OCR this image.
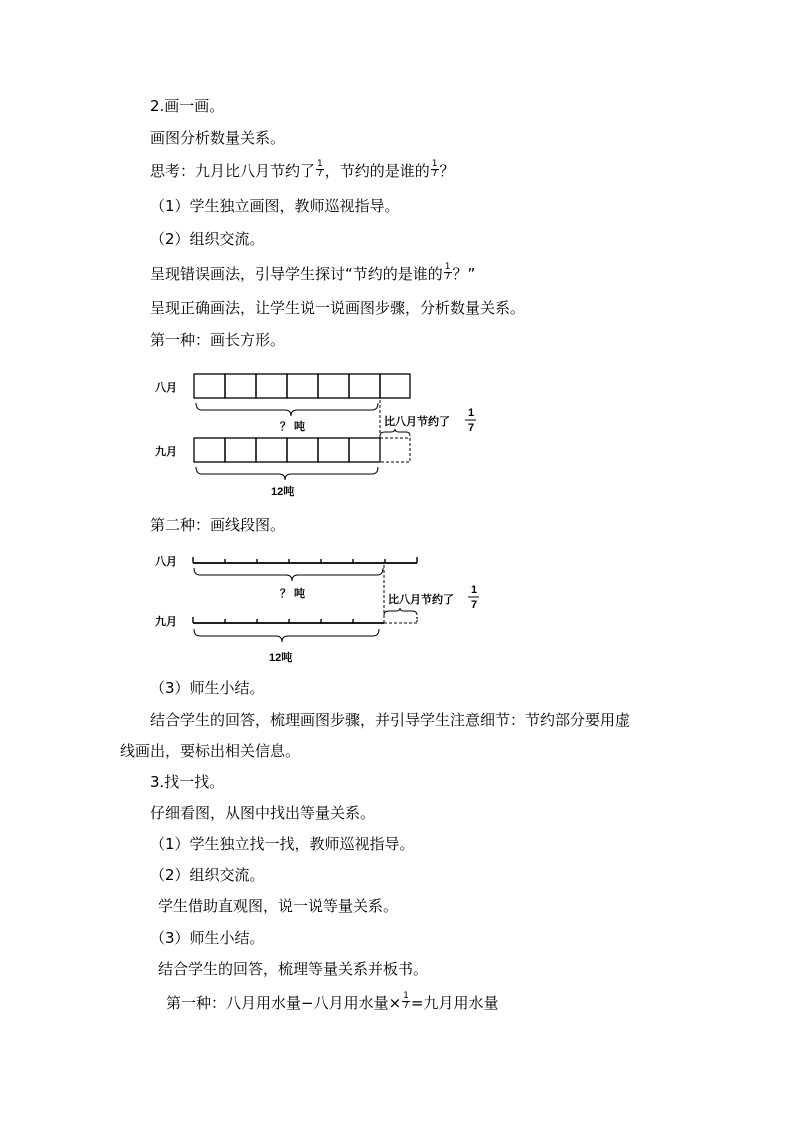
2.画一画。
画图分析数量关系。
思考：九月比八月节约了 $\frac{1}{7}$ ，节约的是谁的 $\frac{1}{7}$ ？
（1）学生独立画图，教师巡视指导。
（2）组织交流。
呈现错误画法，引导学生探讨“节约的是谁的 $\frac{1}{7}$ ？”
呈现正确画法，让学生说一说画图步骤，分析数量关系。
第一种：画长方形。
八月
？ 吨	比八月节约了
1
7
九月
12吨
第二种：画线段图。
八月
？ 吨	比八月节约了
1
7
九月
12吨
（3）师生小结。
结合学生的回答，梳理画图步骤，并引导学生注意细节：节约部分要用虚
线画出，要标出相关信息。
3.找一找。
仔细看图，从图中找出等量关系。
（1）学生独立找一找，教师巡视指导。
（2）组织交流。
学生借助直观图，说一说等量关系。
（3）师生小结。
结合学生的回答，梳理等量关系并板书。
第一种：八月用水量−八月用水量× $\frac{1}{7}$ =九月用水量
